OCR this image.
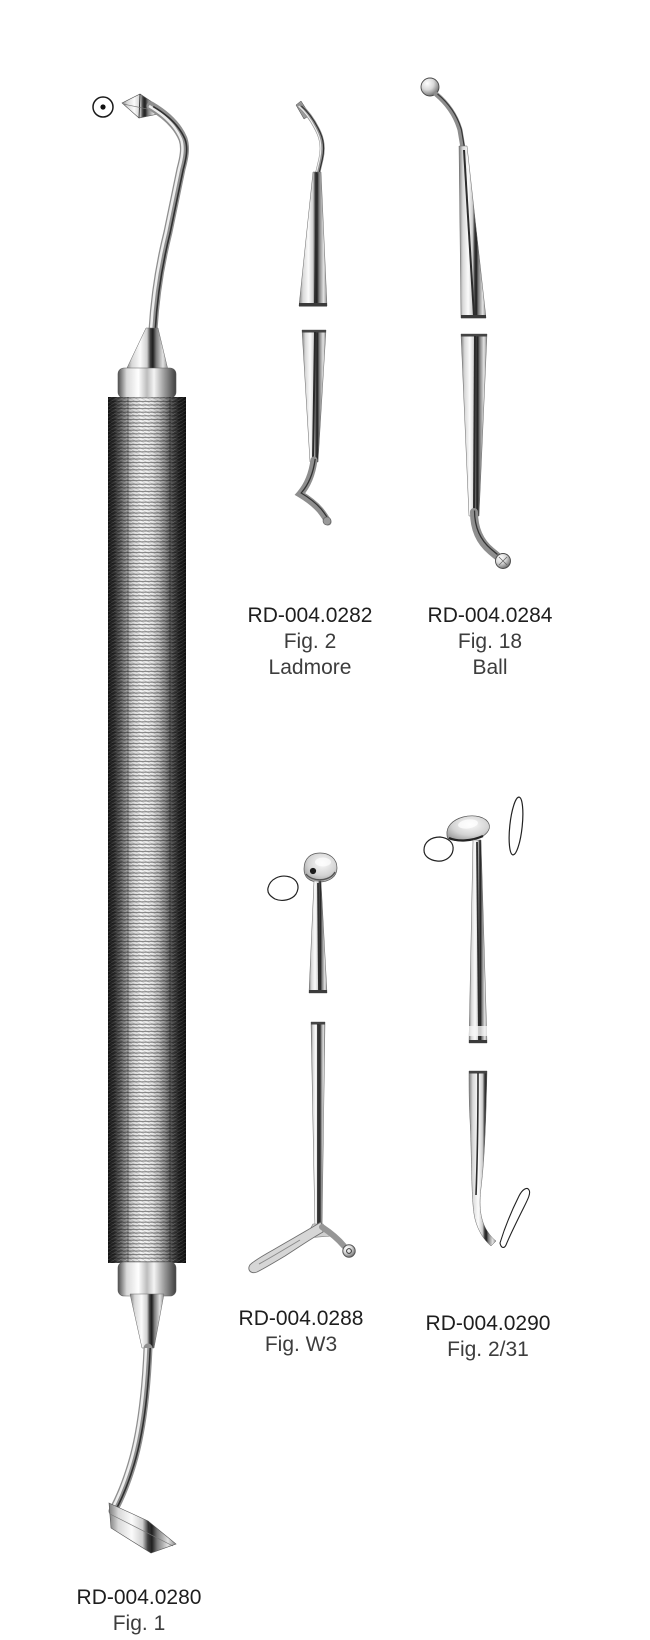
RD-004.0282
Fig. 2
Ladmore
RD-004.0284
Fig. 18
Ball
RD-004.0288
Fig. W3
RD-004.0290
Fig. 2/31
RD-004.0280
Fig. 1
